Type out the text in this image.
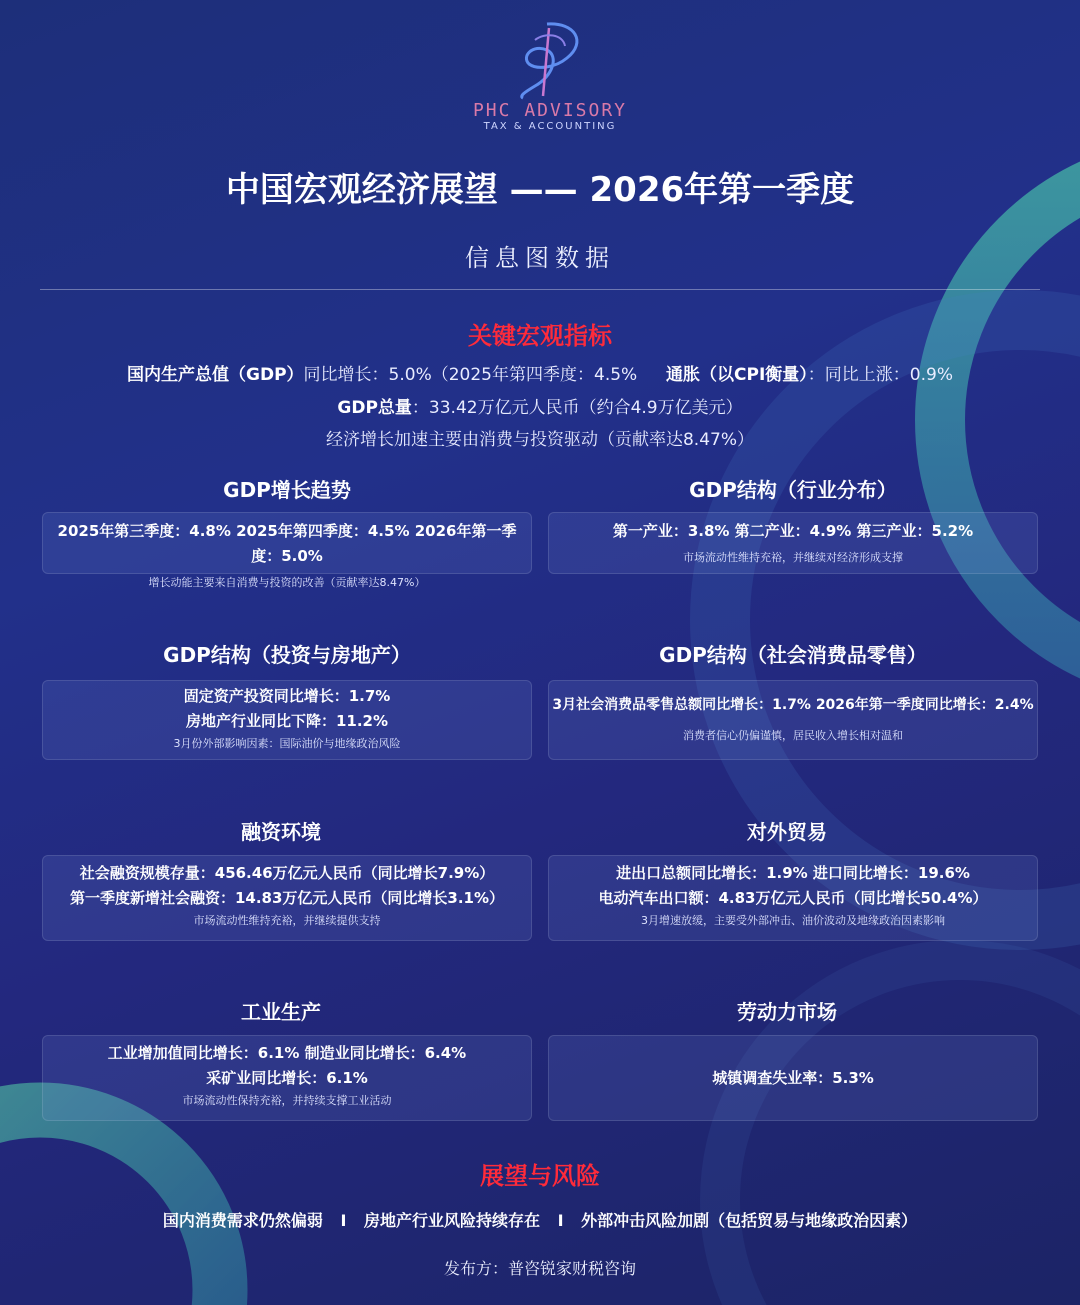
PHC ADVISORY
TAX & ACCOUNTING
中国宏观经济展望 —— 2026年第一季度
信息图数据
关键宏观指标
国内生产总值（GDP）同比增长：5.0%（2025年第四季度：4.5% 通胀（以CPI衡量）：同比上涨：0.9%
GDP总量：33.42万亿元人民币（约合4.9万亿美元）
经济增长加速主要由消费与投资驱动（贡献率达8.47%）
GDP增长趋势
2025年第三季度：4.8% 2025年第四季度：4.5% 2026年第一季度：5.0%
增长动能主要来自消费与投资的改善（贡献率达8.47%）
GDP结构（行业分布）
第一产业：3.8% 第二产业：4.9% 第三产业：5.2%
市场流动性维持充裕，并继续对经济形成支撑
GDP结构（投资与房地产）
固定资产投资同比增长：1.7%
房地产行业同比下降：11.2%
3月份外部影响因素：国际油价与地缘政治风险
GDP结构（社会消费品零售）
3月社会消费品零售总额同比增长：1.7% 2026年第一季度同比增长：2.4%
消费者信心仍偏谨慎，居民收入增长相对温和
融资环境
社会融资规模存量：456.46万亿元人民币（同比增长7.9%）
第一季度新增社会融资：14.83万亿元人民币（同比增长3.1%）
市场流动性维持充裕，并继续提供支持
对外贸易
进出口总额同比增长：1.9% 进口同比增长：19.6%
电动汽车出口额：4.83万亿元人民币（同比增长50.4%）
3月增速放缓，主要受外部冲击、油价波动及地缘政治因素影响
工业生产
工业增加值同比增长：6.1% 制造业同比增长：6.4%
采矿业同比增长：6.1%
市场流动性保持充裕，并持续支撑工业活动
劳动力市场
城镇调查失业率：5.3%
展望与风险
国内消费需求仍然偏弱 I 房地产行业风险持续存在 I 外部冲击风险加剧（包括贸易与地缘政治因素）
发布方：普咨锐家财税咨询
